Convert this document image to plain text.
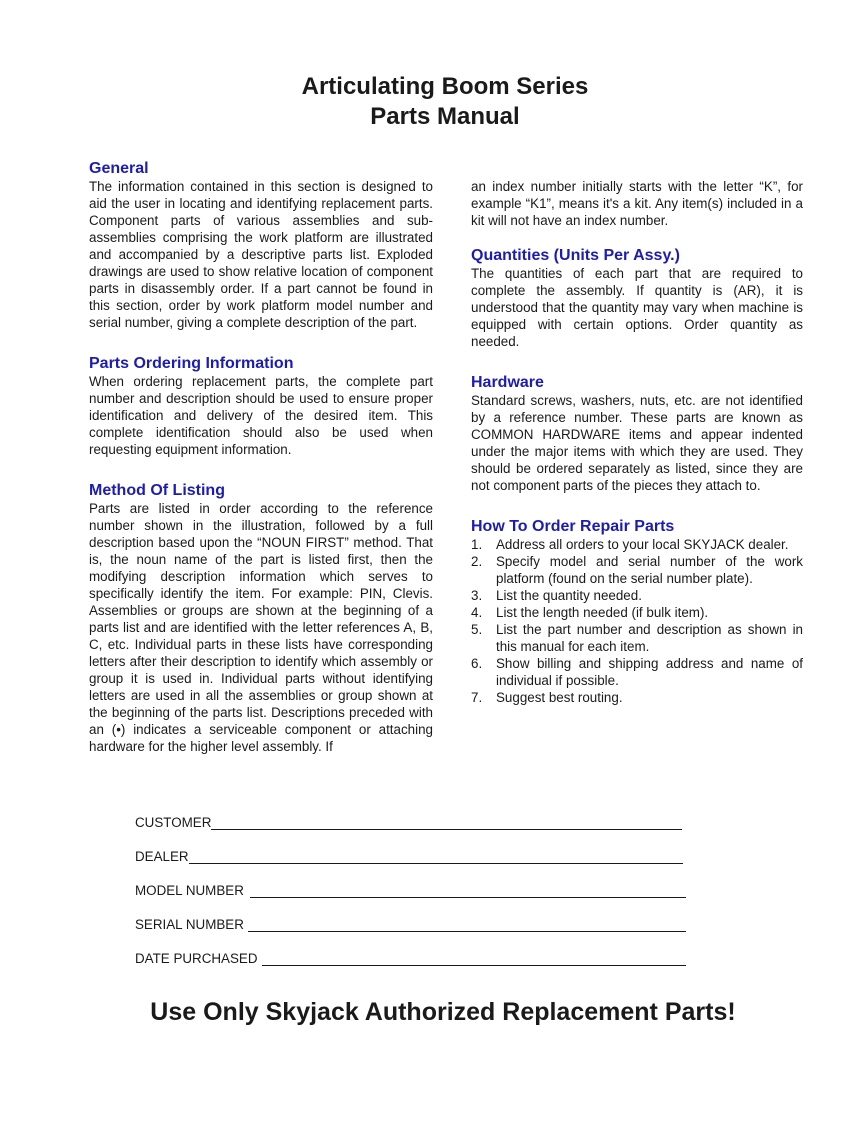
Articulating Boom Series
Parts Manual
General

The information contained in this section is designed to aid the user in locating and identifying replacement parts. Component parts of various assemblies and sub-assemblies comprising the work platform are illustrated and accompanied by a descriptive parts list. Exploded drawings are used to show relative location of component parts in disassembly order. If a part cannot be found in this section, order by work platform model number and serial number, giving a complete description of the part.

Parts Ordering Information

When ordering replacement parts, the complete part number and description should be used to ensure proper identification and delivery of the desired item. This complete identification should also be used when requesting equipment information.

Method Of Listing

Parts are listed in order according to the reference number shown in the illustration, followed by a full description based upon the “NOUN FIRST” method. That is, the noun name of the part is listed first, then the modifying description information which serves to specifically identify the item. For example: PIN, Clevis. Assemblies or groups are shown at the beginning of a parts list and are identified with the letter references A, B, C, etc. Individual parts in these lists have corresponding letters after their description to identify which assembly or group it is used in. Individual parts without identifying letters are used in all the assemblies or group shown at the beginning of the parts list. Descriptions preceded with an (•) indicates a serviceable component or attaching hardware for the higher level assembly. If

an index number initially starts with the letter “K”, for example “K1”, means it's a kit. Any item(s) included in a kit will not have an index number.

Quantities (Units Per Assy.)

The quantities of each part that are required to complete the assembly. If quantity is (AR), it is understood that the quantity may vary when machine is equipped with certain options. Order quantity as needed.

Hardware

Standard screws, washers, nuts, etc. are not identified by a reference number. These parts are known as COMMON HARDWARE items and appear indented under the major items with which they are used. They should be ordered separately as listed, since they are not component parts of the pieces they attach to.

How To Order Repair Parts
1.	Address all orders to your local SKYJACK dealer.
2.	Specify model and serial number of the work platform (found on the serial number plate).
3.	List the quantity needed.
4.	List the length needed (if bulk item).
5.	List the part number and description as shown in this manual for each item.
6.	Show billing and shipping address and name of individual if possible.
7.	Suggest best routing.
CUSTOMER
DEALER
MODEL NUMBER
SERIAL NUMBER
DATE PURCHASED
Use Only Skyjack Authorized Replacement Parts!
